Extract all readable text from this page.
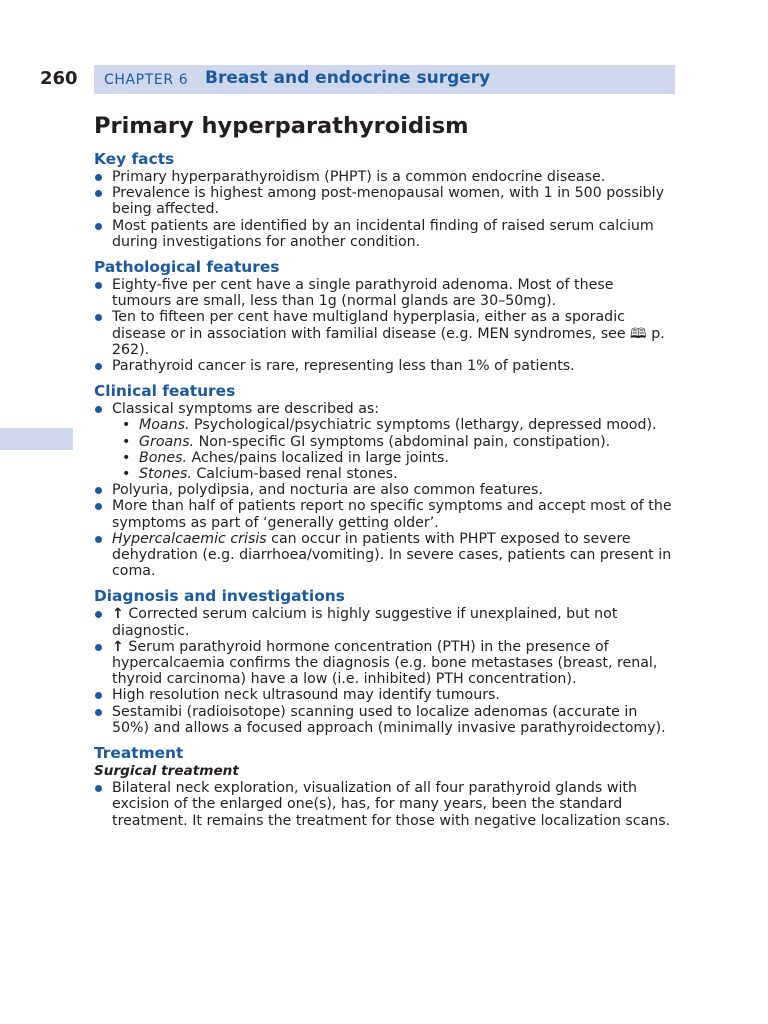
260 CHAPTER 6 Breast and endocrine surgery
Primary hyperparathyroidism
Key facts
Primary hyperparathyroidism (PHPT) is a common endocrine disease.
Prevalence is highest among post-menopausal women, with 1 in 500 possibly being affected.
Most patients are identified by an incidental finding of raised serum calcium during investigations for another condition.
Pathological features
Eighty-five per cent have a single parathyroid adenoma. Most of these tumours are small, less than 1g (normal glands are 30–50mg).
Ten to fifteen per cent have multigland hyperplasia, either as a sporadic disease or in association with familial disease (e.g. MEN syndromes, see 🕮 p. 262).
Parathyroid cancer is rare, representing less than 1% of patients.
Clinical features
Classical symptoms are described as:
• Moans. Psychological/psychiatric symptoms (lethargy, depressed mood).
• Groans. Non-specific GI symptoms (abdominal pain, constipation).
• Bones. Aches/pains localized in large joints.
• Stones. Calcium-based renal stones.
Polyuria, polydipsia, and nocturia are also common features.
More than half of patients report no specific symptoms and accept most of the symptoms as part of ‘generally getting older’.
Hypercalcaemic crisis can occur in patients with PHPT exposed to severe dehydration (e.g. diarrhoea/vomiting). In severe cases, patients can present in coma.
Diagnosis and investigations
↑ Corrected serum calcium is highly suggestive if unexplained, but not diagnostic.
↑ Serum parathyroid hormone concentration (PTH) in the presence of hypercalcaemia confirms the diagnosis (e.g. bone metastases (breast, renal, thyroid carcinoma) have a low (i.e. inhibited) PTH concentration).
High resolution neck ultrasound may identify tumours.
Sestamibi (radioisotope) scanning used to localize adenomas (accurate in 50%) and allows a focused approach (minimally invasive parathyroidectomy).
Treatment
Surgical treatment
Bilateral neck exploration, visualization of all four parathyroid glands with excision of the enlarged one(s), has, for many years, been the standard treatment. It remains the treatment for those with negative localization scans.
